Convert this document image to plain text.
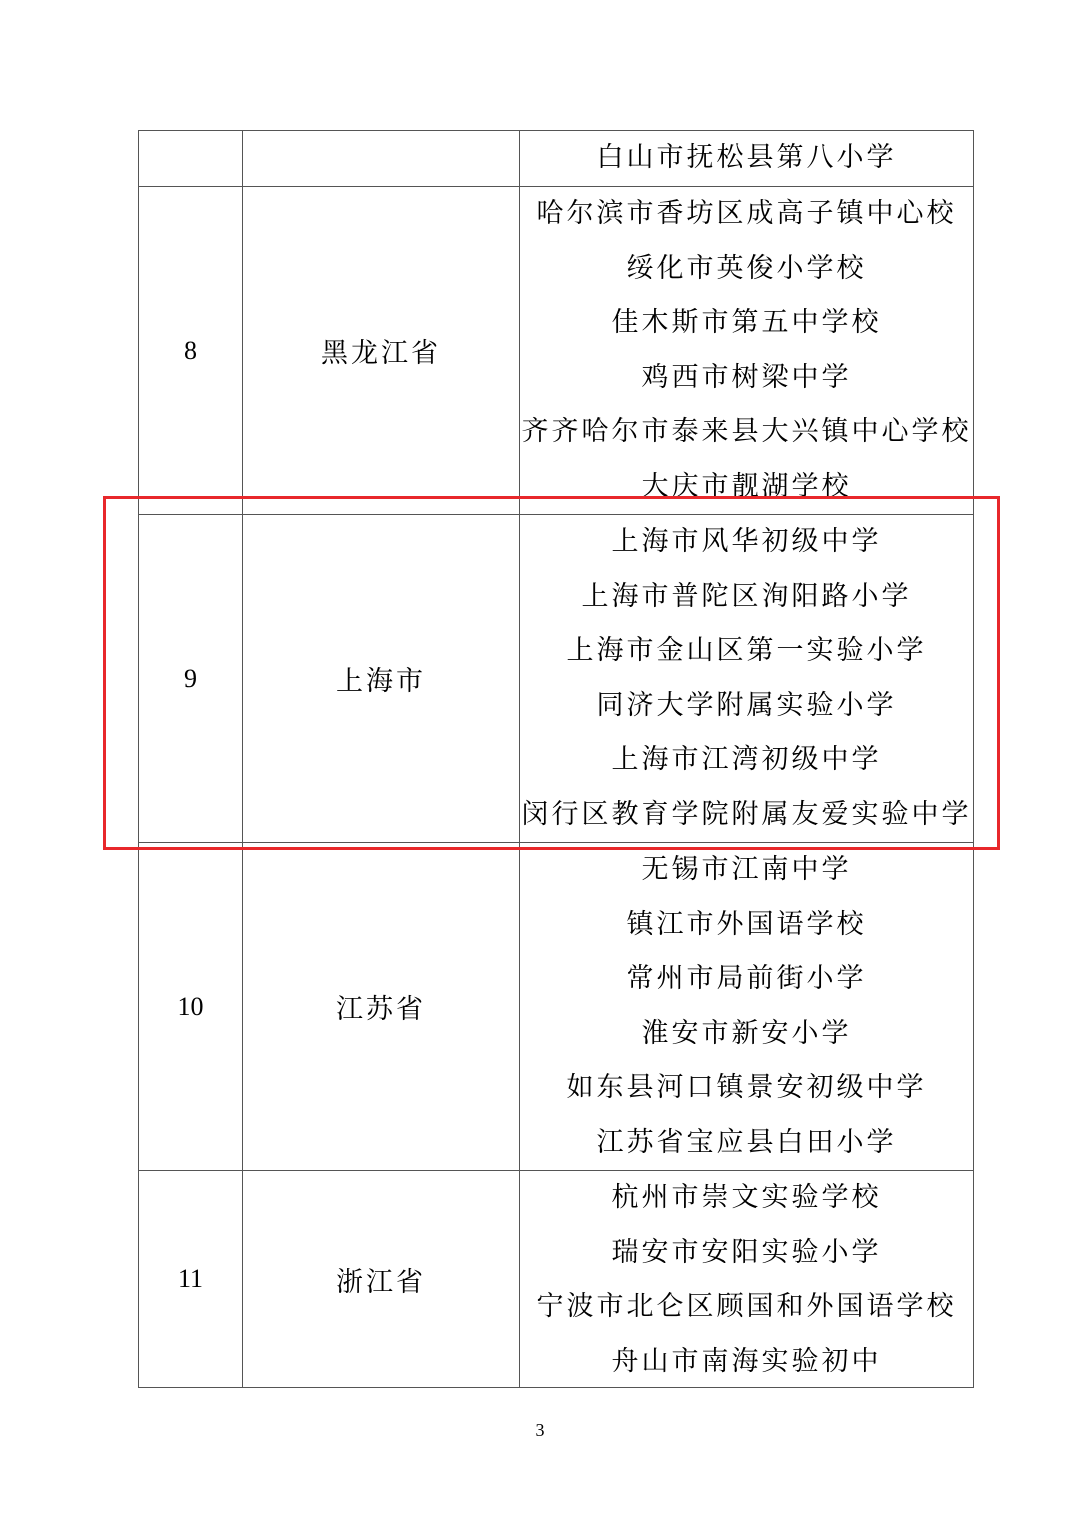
白山市抚松县第八小学
8	黑龙江省
哈尔滨市香坊区成高子镇中心校
绥化市英俊小学校
佳木斯市第五中学校
鸡西市树梁中学
齐齐哈尔市泰来县大兴镇中心学校
大庆市靓湖学校
9	上海市
上海市风华初级中学
上海市普陀区洵阳路小学
上海市金山区第一实验小学
同济大学附属实验小学
上海市江湾初级中学
闵行区教育学院附属友爱实验中学
10	江苏省
无锡市江南中学
镇江市外国语学校
常州市局前街小学
淮安市新安小学
如东县河口镇景安初级中学
江苏省宝应县白田小学
11	浙江省
杭州市崇文实验学校
瑞安市安阳实验小学
宁波市北仑区顾国和外国语学校
舟山市南海实验初中
3
